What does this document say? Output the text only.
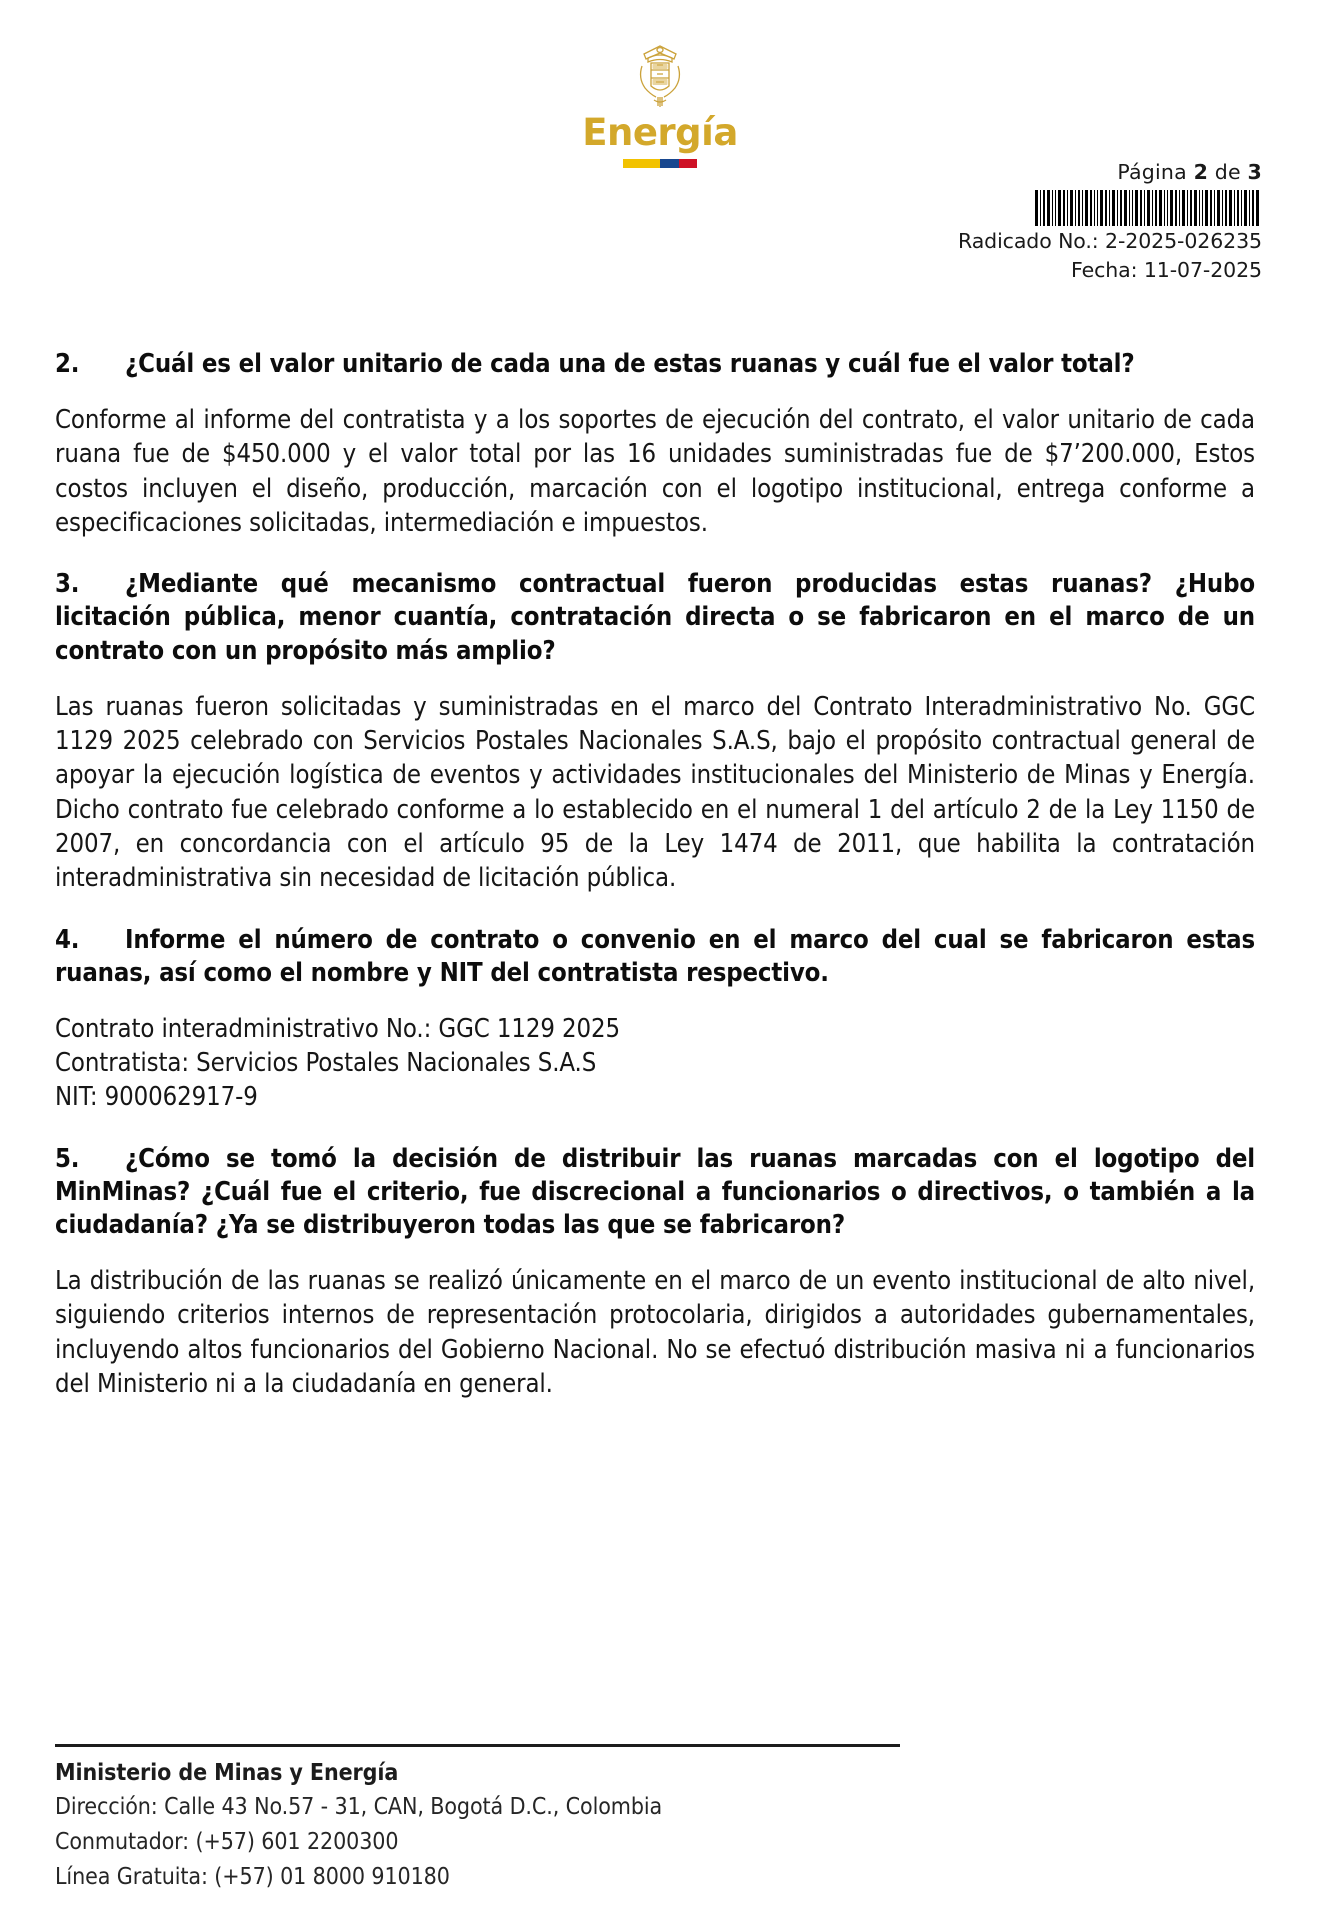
Energía
Página 2 de 3
Radicado No.: 2-2025-026235
Fecha: 11-07-2025

2. ¿Cuál es el valor unitario de cada una de estas ruanas y cuál fue el valor total?

Conforme al informe del contratista y a los soportes de ejecución del contrato, el valor unitario de cada ruana fue de $450.000 y el valor total por las 16 unidades suministradas fue de $7’200.000, Estos costos incluyen el diseño, producción, marcación con el logotipo institucional, entrega conforme a especificaciones solicitadas, intermediación e impuestos.

3. ¿Mediante qué mecanismo contractual fueron producidas estas ruanas? ¿Hubo licitación pública, menor cuantía, contratación directa o se fabricaron en el marco de un contrato con un propósito más amplio?

Las ruanas fueron solicitadas y suministradas en el marco del Contrato Interadministrativo No. GGC 1129 2025 celebrado con Servicios Postales Nacionales S.A.S, bajo el propósito contractual general de apoyar la ejecución logística de eventos y actividades institucionales del Ministerio de Minas y Energía. Dicho contrato fue celebrado conforme a lo establecido en el numeral 1 del artículo 2 de la Ley 1150 de 2007, en concordancia con el artículo 95 de la Ley 1474 de 2011, que habilita la contratación interadministrativa sin necesidad de licitación pública.

4. Informe el número de contrato o convenio en el marco del cual se fabricaron estas ruanas, así como el nombre y NIT del contratista respectivo.

Contrato interadministrativo No.: GGC 1129 2025

Contratista: Servicios Postales Nacionales S.A.S

NIT: 900062917-9

5. ¿Cómo se tomó la decisión de distribuir las ruanas marcadas con el logotipo del MinMinas? ¿Cuál fue el criterio, fue discrecional a funcionarios o directivos, o también a la ciudadanía? ¿Ya se distribuyeron todas las que se fabricaron?

La distribución de las ruanas se realizó únicamente en el marco de un evento institucional de alto nivel, siguiendo criterios internos de representación protocolaria, dirigidos a autoridades gubernamentales, incluyendo altos funcionarios del Gobierno Nacional. No se efectuó distribución masiva ni a funcionarios del Ministerio ni a la ciudadanía en general.

Ministerio de Minas y Energía
Dirección: Calle 43 No.57 - 31, CAN, Bogotá D.C., Colombia
Conmutador: (+57) 601 2200300
Línea Gratuita: (+57) 01 8000 910180
